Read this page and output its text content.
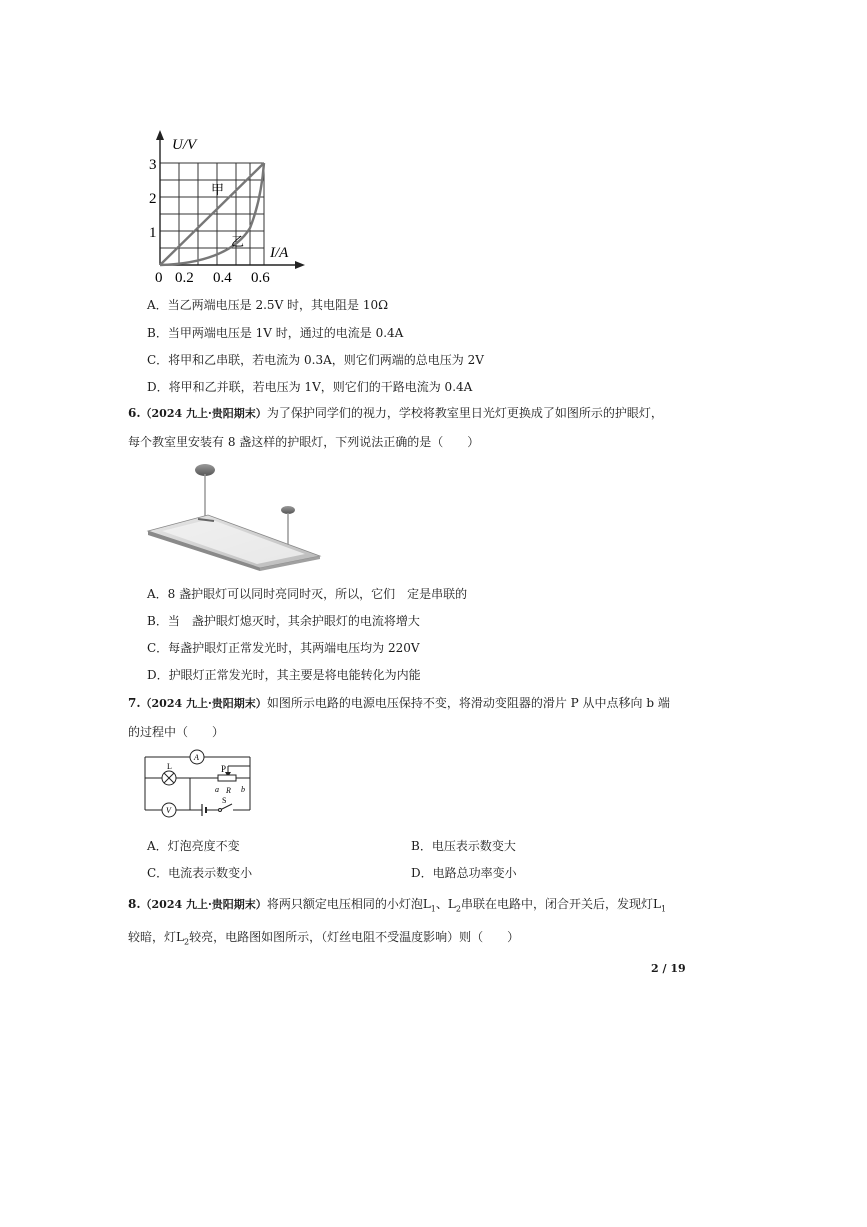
U/V
I/A
3
2
1
0 0.2 0.4 0.6
甲
乙
A．当乙两端电压是 2.5V 时，其电阻是 10Ω
B．当甲两端电压是 1V 时，通过的电流是 0.4A
C．将甲和乙串联，若电流为 0.3A，则它们两端的总电压为 2V
D．将甲和乙并联，若电压为 1V，则它们的干路电流为 0.4A
6.（2024 九上·贵阳期末）为了保护同学们的视力，学校将教室里日光灯更换成了如图所示的护眼灯，
每个教室里安装有 8 盏这样的护眼灯，下列说法正确的是（　　）
A．8 盏护眼灯可以同时亮同时灭，所以，它们　定是串联的
B．当　盏护眼灯熄灭时，其余护眼灯的电流将增大
C．每盏护眼灯正常发光时，其两端电压均为 220V
D．护眼灯正常发光时，其主要是将电能转化为内能
7.（2024 九上·贵阳期末）如图所示电路的电源电压保持不变，将滑动变阻器的滑片 P 从中点移向 b 端
的过程中（　　）
A
L	P
a R b
V
S
A．灯泡亮度不变	B．电压表示数变大
C．电流表示数变小	D．电路总功率变小
8.（2024 九上·贵阳期末）将两只额定电压相同的小灯泡$L_1$、$L_2$串联在电路中，闭合开关后，发现灯$L_1$
较暗，灯$L_2$较亮，电路图如图所示，（灯丝电阻不受温度影响）则（　　）
2 / 19
